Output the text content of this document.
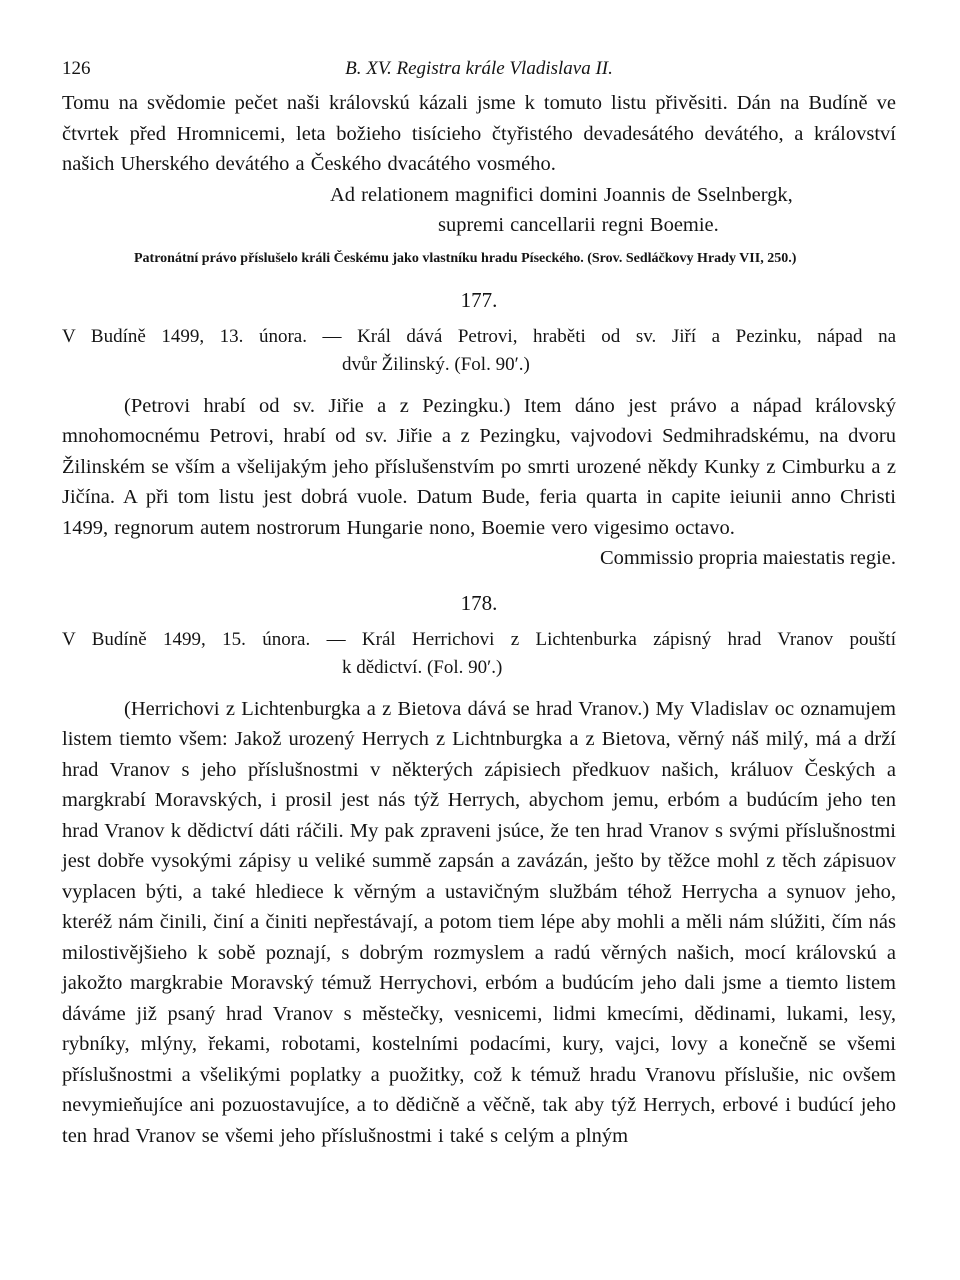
126	B. XV. Registra krále Vladislava II.

Tomu na svědomie pečet naši královskú kázali jsme k tomuto listu přivěsiti. Dán na Budíně ve čtvrtek před Hromnicemi, leta božieho tisícieho čtyřistého devadesátého devátého, a království našich Uherského devátého a Českého dvacátého vosmého.

Ad relationem magnifici domini Joannis de Sselnbergk,
supremi cancellarii regni Boemie.

Patronátní právo příslušelo králi Českému jako vlastníku hradu Píseckého. (Srov. Sedláčkovy Hrady VII, 250.)

177.
V Budíně 1499, 13. února. — Král dává Petrovi, hraběti od sv. Jiří a Pezinku, nápad na
dvůr Žilinský. (Fol. 90′.)

(Petrovi hrabí od sv. Jiřie a z Pezingku.) Item dáno jest právo a nápad královský mnohomocnému Petrovi, hrabí od sv. Jiřie a z Pezingku, vajvodovi Sedmihradskému, na dvoru Žilinském se vším a všelijakým jeho příslušenstvím po smrti urozené někdy Kunky z Cimburku a z Jičína. A při tom listu jest dobrá vuole. Datum Bude, feria quarta in capite ieiunii anno Christi 1499, regnorum autem nostrorum Hungarie nono, Boemie vero vigesimo octavo.

Commissio propria maiestatis regie.
178.
V Budíně 1499, 15. února. — Král Herrichovi z Lichtenburka zápisný hrad Vranov pouští
k dědictví. (Fol. 90′.)

(Herrichovi z Lichtenburgka a z Bietova dává se hrad Vranov.) My Vladislav oc oznamujem listem tiemto všem: Jakož urozený Herrych z Lichtnburgka a z Bietova, věrný náš milý, má a drží hrad Vranov s jeho příslušnostmi v některých zápisiech předkuov našich, králuov Českých a margkrabí Moravských, i prosil jest nás týž Herrych, abychom jemu, erbóm a budúcím jeho ten hrad Vranov k dědictví dáti ráčili. My pak zpraveni jsúce, že ten hrad Vranov s svými příslušnostmi jest dobře vysokými zápisy u veliké summě zapsán a zavázán, ješto by těžce mohl z těch zápisuov vyplacen býti, a také hlediece k věrným a ustavičným službám téhož Herrycha a synuov jeho, kteréž nám činili, činí a činiti nepřestávají, a potom tiem lépe aby mohli a měli nám slúžiti, čím nás milostivějšieho k sobě poznají, s dobrým rozmyslem a radú věrných našich, mocí královskú a jakožto margkrabie Moravský témuž Herrychovi, erbóm a budúcím jeho dali jsme a tiemto listem dáváme již psaný hrad Vranov s městečky, vesnicemi, lidmi kmecími, dědinami, lukami, lesy, rybníky, mlýny, řekami, robotami, kostelními podacími, kury, vajci, lovy a konečně se všemi příslušnostmi a všelikými poplatky a puožitky, což k témuž hradu Vranovu příslušie, nic ovšem nevymieňujíce ani pozuostavujíce, a to dědičně a věčně, tak aby týž Herrych, erbové i budúcí jeho ten hrad Vranov se všemi jeho příslušnostmi i také s celým a plným
